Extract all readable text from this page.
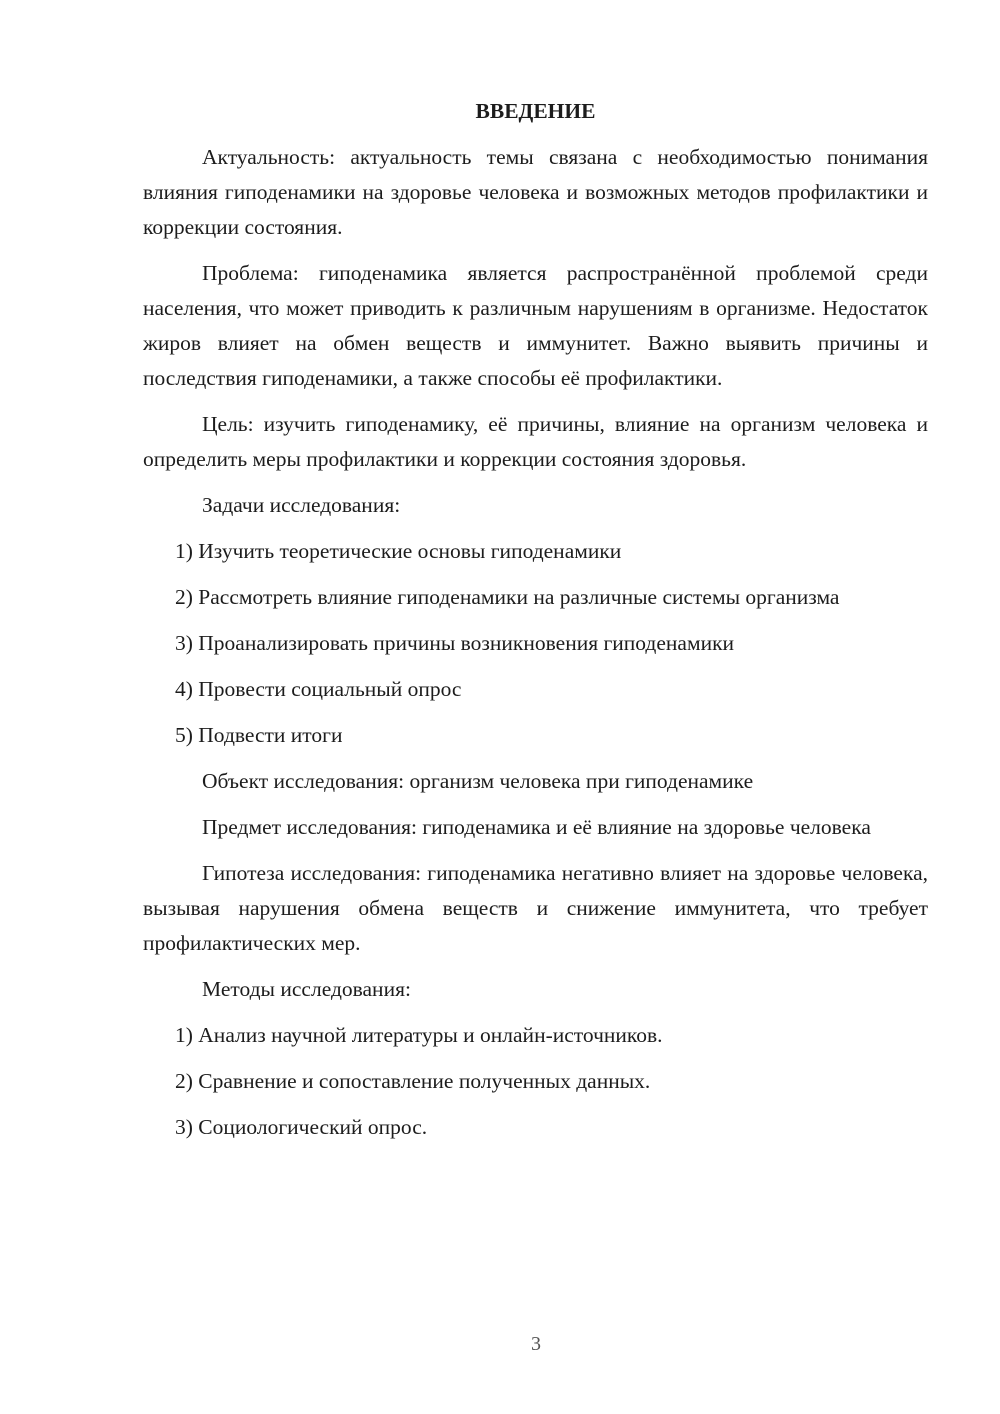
ВВЕДЕНИЕ

Актуальность: актуальность темы связана с необходимостью понимания влияния гиподенамики на здоровье человека и возможных методов профилактики и коррекции состояния.

Проблема: гиподенамика является распространённой проблемой среди населения, что может приводить к различным нарушениям в организме. Недостаток жиров влияет на обмен веществ и иммунитет. Важно выявить причины и последствия гиподенамики, а также способы её профилактики.

Цель: изучить гиподенамику, её причины, влияние на организм человека и определить меры профилактики и коррекции состояния здоровья.

Задачи исследования:

1) Изучить теоретические основы гиподенамики

2) Рассмотреть влияние гиподенамики на различные системы организма

3) Проанализировать причины возникновения гиподенамики

4) Провести социальный опрос

5) Подвести итоги

Объект исследования: организм человека при гиподенамике

Предмет исследования: гиподенамика и её влияние на здоровье человека

Гипотеза исследования: гиподенамика негативно влияет на здоровье человека, вызывая нарушения обмена веществ и снижение иммунитета, что требует профилактических мер.

Методы исследования:

1) Анализ научной литературы и онлайн-источников.

2) Сравнение и сопоставление полученных данных.

3) Социологический опрос.

3
